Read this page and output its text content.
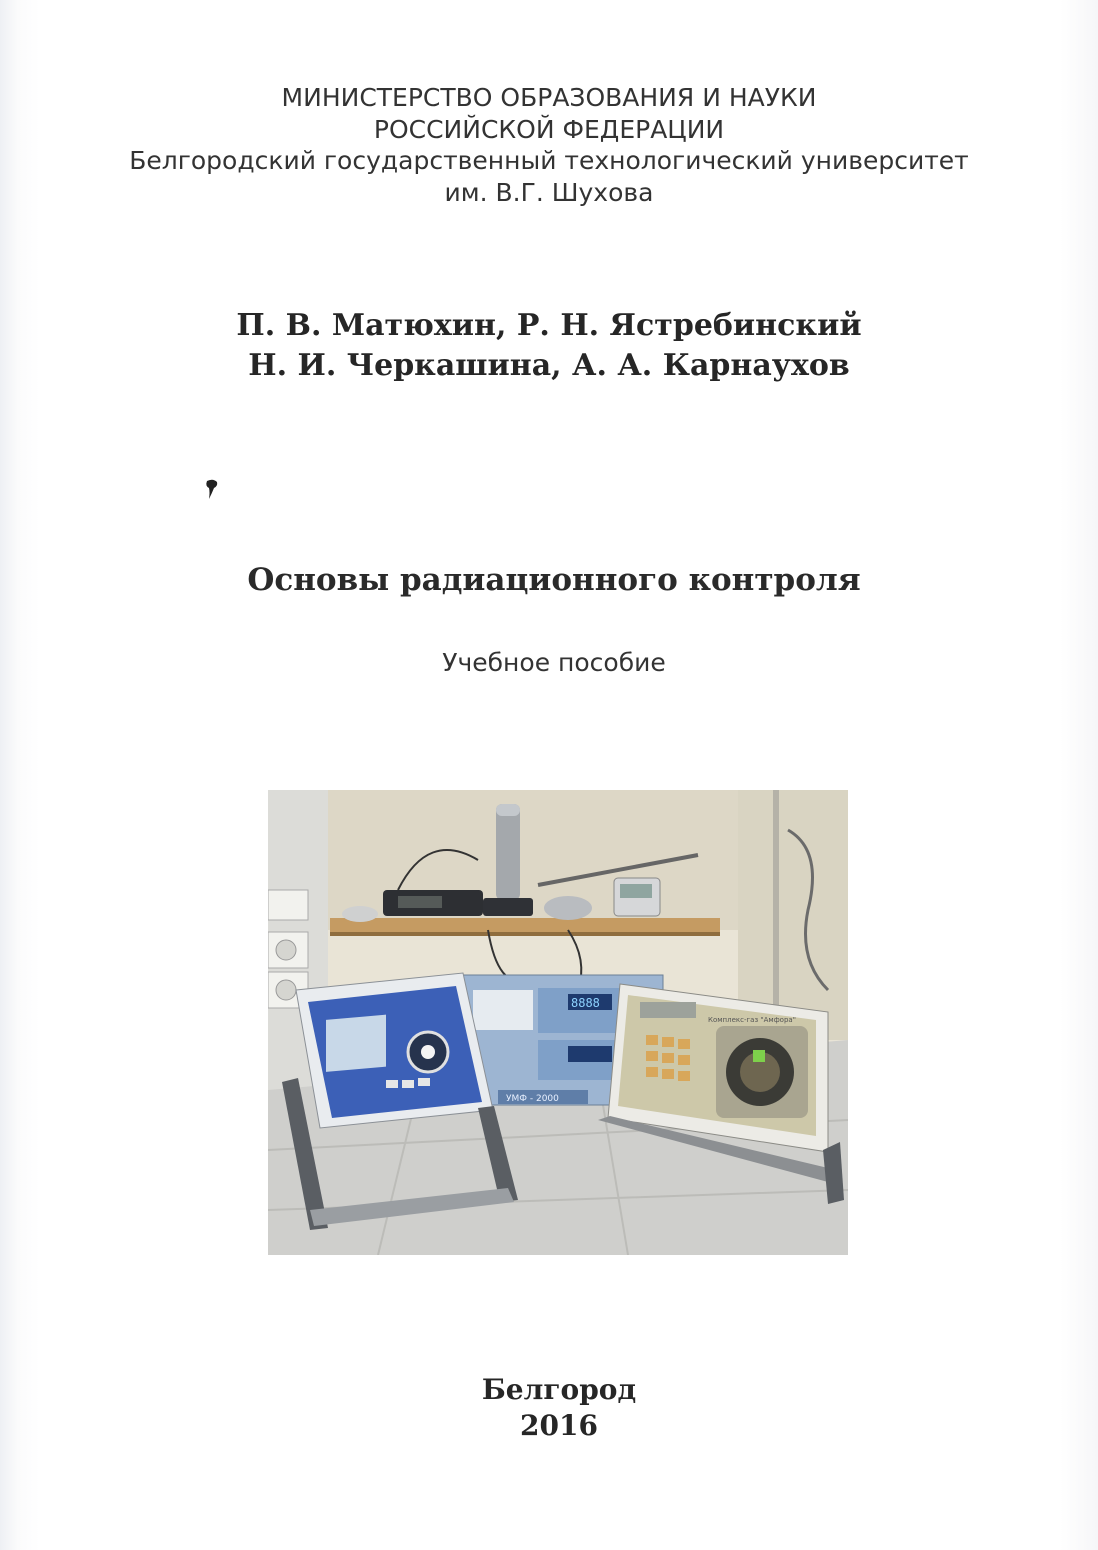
МИНИСТЕРСТВО ОБРАЗОВАНИЯ И НАУКИ
РОССИЙСКОЙ ФЕДЕРАЦИИ
Белгородский государственный технологический университет
им. В.Г. Шухова
П. В. Матюхин, Р. Н. Ястребинский
Н. И. Черкашина, А. А. Карнаухов
Основы радиационного контроля
Учебное пособие
8888
УМФ - 2000
Комплекс-газ "Амфора"
Белгород
2016
